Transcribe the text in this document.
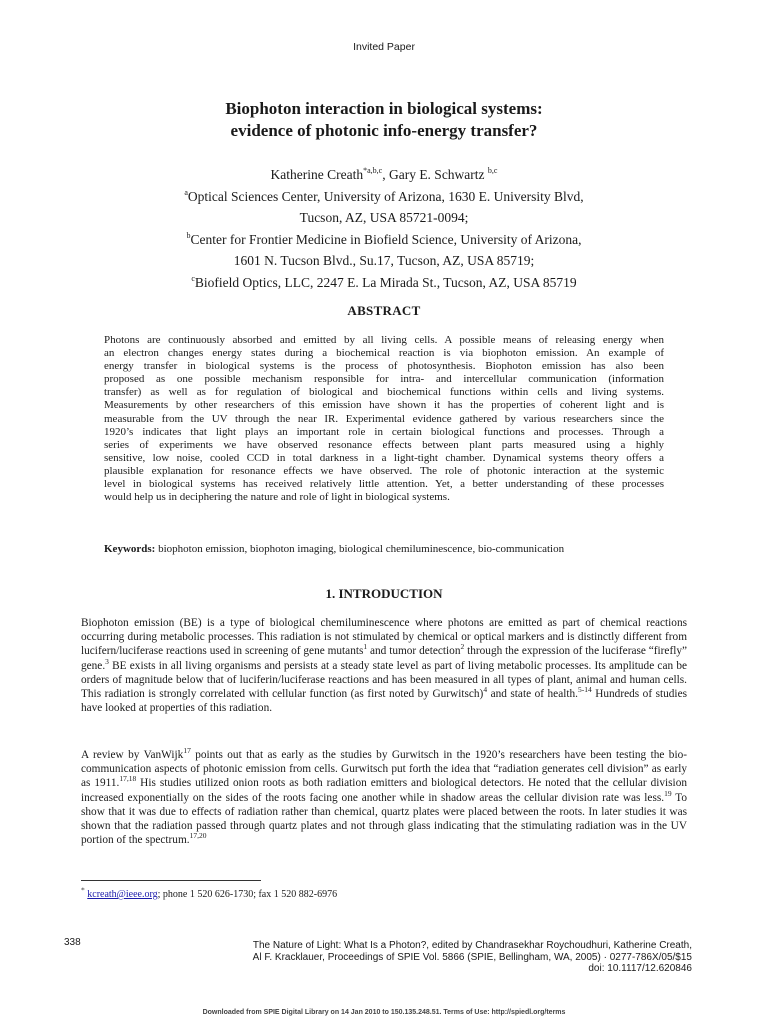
Invited Paper
Biophoton interaction in biological systems:
evidence of photonic info-energy transfer?
Katherine Creath$^{*a,b,c}$, Gary E. Schwartz $^{b,c}$
$^a$Optical Sciences Center, University of Arizona, 1630 E. University Blvd,
Tucson, AZ, USA 85721-0094;
$^b$Center for Frontier Medicine in Biofield Science, University of Arizona,
1601 N. Tucson Blvd., Su.17, Tucson, AZ, USA 85719;
$^c$Biofield Optics, LLC, 2247 E. La Mirada St., Tucson, AZ, USA 85719
ABSTRACT
Photons are continuously absorbed and emitted by all living cells. A possible means of releasing energy when
an electron changes energy states during a biochemical reaction is via biophoton emission. An example of
energy transfer in biological systems is the process of photosynthesis. Biophoton emission has also been
proposed as one possible mechanism responsible for intra- and intercellular communication (information
transfer) as well as for regulation of biological and biochemical functions within cells and living systems.
Measurements by other researchers of this emission have shown it has the properties of coherent light and is
measurable from the UV through the near IR. Experimental evidence gathered by various researchers since the
1920’s indicates that light plays an important role in certain biological functions and processes. Through a
series of experiments we have observed resonance effects between plant parts measured using a highly
sensitive, low noise, cooled CCD in total darkness in a light-tight chamber. Dynamical systems theory offers a
plausible explanation for resonance effects we have observed. The role of photonic interaction at the systemic
level in biological systems has received relatively little attention. Yet, a better understanding of these processes
would help us in deciphering the nature and role of light in biological systems.
Keywords: biophoton emission, biophoton imaging, biological chemiluminescence, bio-communication
1. INTRODUCTION
Biophoton emission (BE) is a type of biological chemiluminescence where photons are emitted as part of chemical reactions occurring during metabolic processes. This radiation is not stimulated by chemical or optical markers and is distinctly different from lucifern/luciferase reactions used in screening of gene mutants$^1$ and tumor detection$^2$ through the expression of the luciferase “firefly” gene.$^3$ BE exists in all living organisms and persists at a steady state level as part of living metabolic processes. Its amplitude can be orders of magnitude below that of luciferin/luciferase reactions and has been measured in all types of plant, animal and human cells. This radiation is strongly correlated with cellular function (as first noted by Gurwitsch)$^4$ and state of health.$^{5-14}$ Hundreds of studies have looked at properties of this radiation.
A review by VanWijk$^{17}$ points out that as early as the studies by Gurwitsch in the 1920’s researchers have been testing the bio-communication aspects of photonic emission from cells. Gurwitsch put forth the idea that “radiation generates cell division” as early as 1911.$^{17,18}$ His studies utilized onion roots as both radiation emitters and biological detectors. He noted that the cellular division increased exponentially on the sides of the roots facing one another while in shadow areas the cellular division rate was less.$^{19}$ To show that it was due to effects of radiation rather than chemical, quartz plates were placed between the roots. In later studies it was shown that the radiation passed through quartz plates and not through glass indicating that the stimulating radiation was in the UV portion of the spectrum.$^{17,20}$
* kcreath@ieee.org; phone 1 520 626-1730; fax 1 520 882-6976
338	The Nature of Light: What Is a Photon?, edited by Chandrasekhar Roychoudhuri, Katherine Creath,
Al F. Kracklauer, Proceedings of SPIE Vol. 5866 (SPIE, Bellingham, WA, 2005) · 0277-786X/05/$15
doi: 10.1117/12.620846
Downloaded from SPIE Digital Library on 14 Jan 2010 to 150.135.248.51. Terms of Use: http://spiedl.org/terms
